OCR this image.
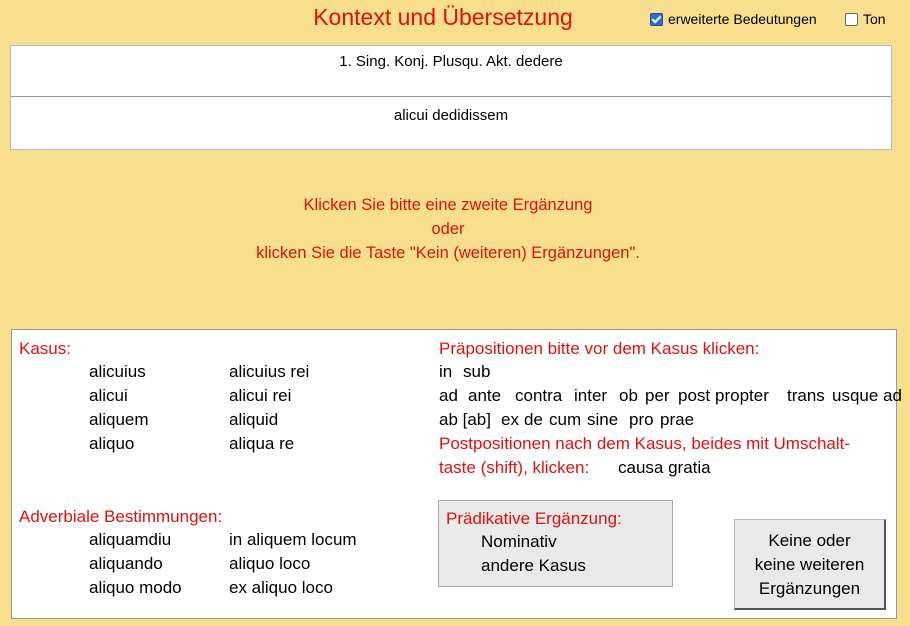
Kontext und Übersetzung	erweiterte Bedeutungen	Ton
1. Sing. Konj. Plusqu. Akt. dedere
alicui dedidissem
Klicken Sie bitte eine zweite Ergänzung
oder
klicken Sie die Taste "Kein (weiteren) Ergänzungen".
Kasus:
alicuius
alicui
aliquem
aliquo
alicuius rei
alicui rei
aliquid
aliqua re
Präpositionen bitte vor dem Kasus klicken:
in sub
ad ante contra inter ob per post propter trans usque ad
ab [ab] ex de cum sine pro prae
Postpositionen nach dem Kasus, beides mit Umschalt-
taste (shift), klicken: causa gratia
Adverbiale Bestimmungen:
aliquamdiu
aliquando
aliquo modo
in aliquem locum
aliquo loco
ex aliquo loco
Prädikative Ergänzung:
Nominativ
andere Kasus
Keine oder
keine weiteren
Ergänzungen
